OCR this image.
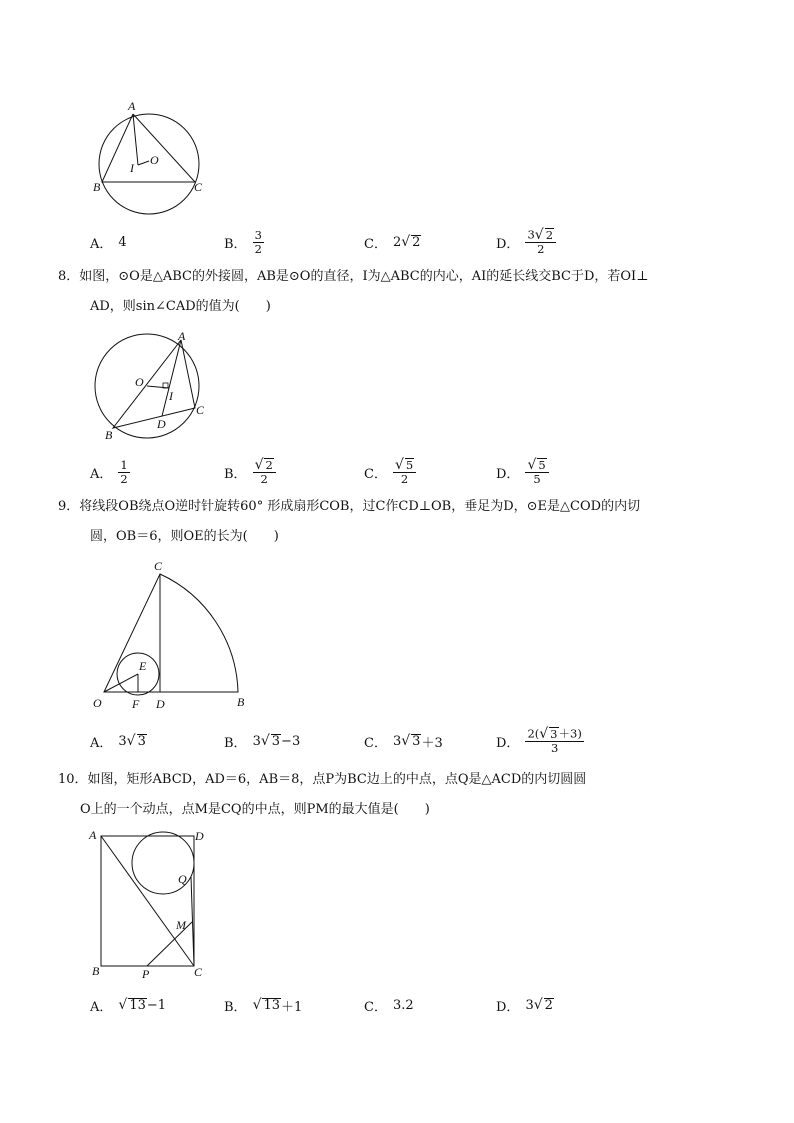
A
B	C
I
O
A． 4	B． $\frac{3}{2}$	C． 2 √ 2	D． $\frac{3 √ 2}{2}$
8．如图，⊙O是△ABC的外接圆，AB是⊙O的直径，I为△ABC的内心，AI的延长线交BC于D，若OI⊥
AD，则sin∠CAD的值为(　　)
A
O
I
B
D
C
A． $\frac{1}{2}$	B． $\frac{√ 2}{2}$	C． $\frac{√ 5}{2}$	D． $\frac{√ 5}{5}$
9．将线段OB绕点O逆时针旋转60° 形成扇形COB，过C作CD⊥OB，垂足为D，⊙E是△COD的内切
圆，OB＝6，则OE的长为(　　)
C
E
O	F D	B
A． 3 √ 3	B． 3 √ 3 −3	C． 3 √ 3 ＋3	D． $\frac{2( √ 3 +3)}{3}$
10．如图，矩形ABCD，AD＝6，AB＝8，点P为BC边上的中点，点Q是△ACD的内切圆圆
O上的一个动点，点M是CQ的中点，则PM的最大值是(　　)
A	D
Q
M
B	P	C
A． √ 13 −1	B． √ 13 ＋1	C． 3.2	D． 3 √ 2
